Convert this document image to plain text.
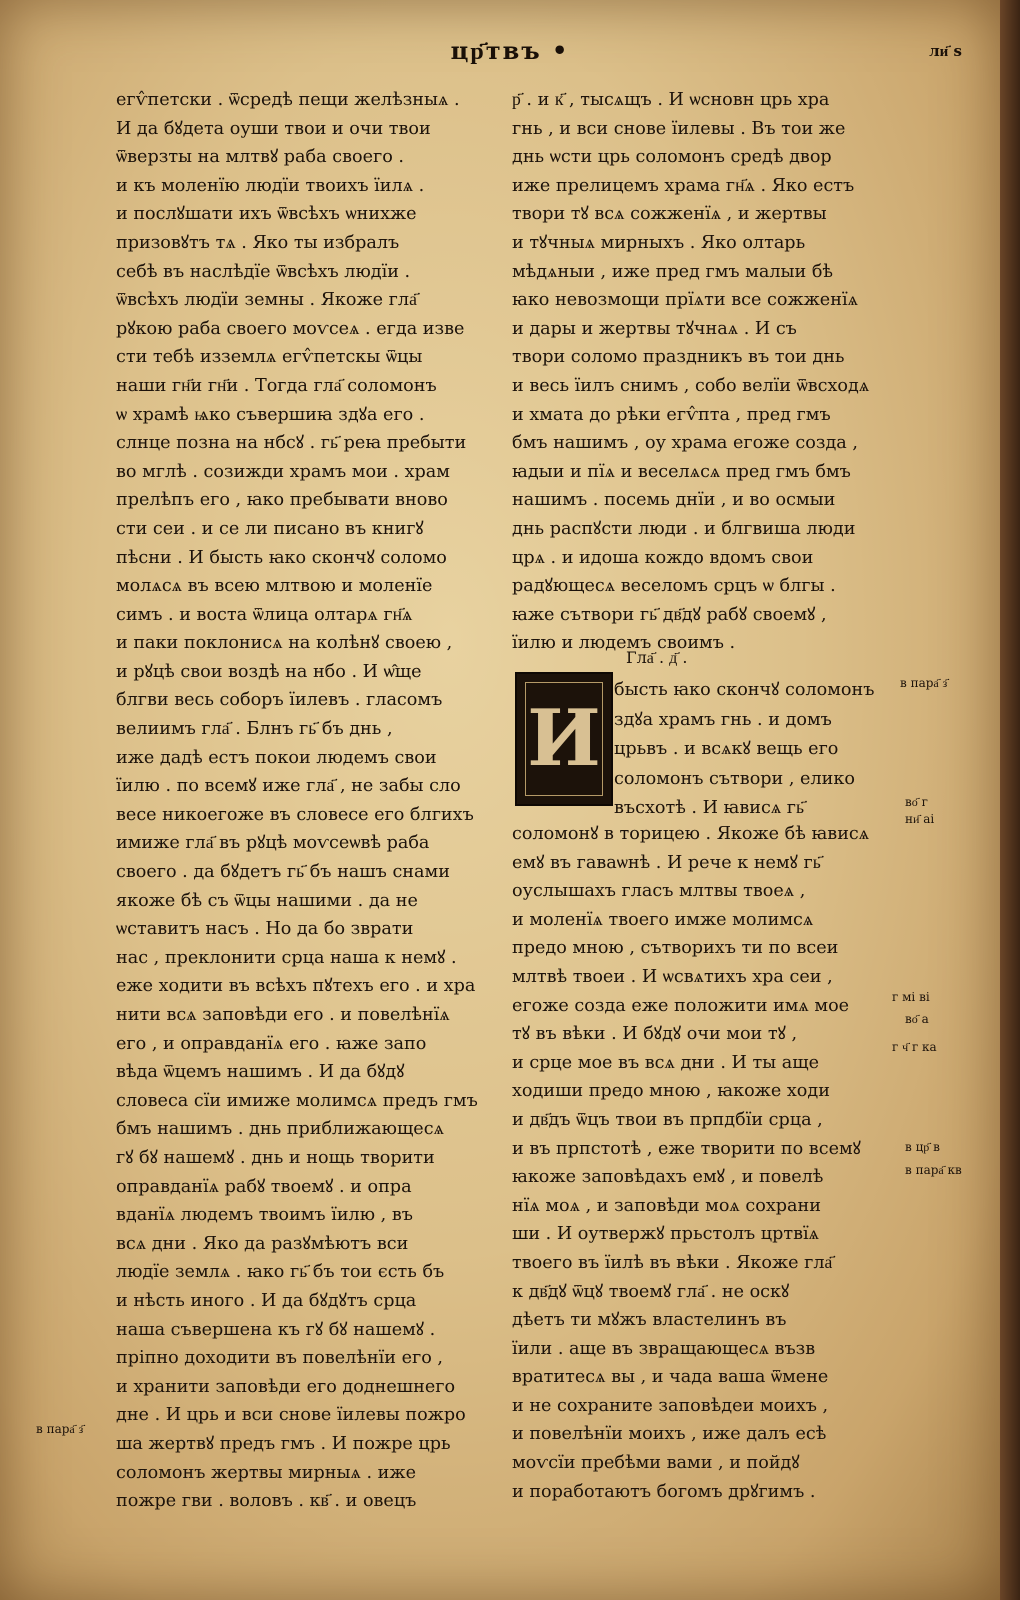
цр҃твъ •	ли҃ ѕ
егѵ̂петски . ѿсредѣ пещи желѣзныѧ .
И да бꙋдета оуши твои и очи твои
ѿверзты на млтвꙋ раба своего .
и къ моленїю людїи твоихъ їилѧ .
и послꙋшати ихъ ѿвсѣхъ ѡнихже
призовꙋтъ тѧ . Яко ты избралъ
себѣ въ наслѣдїе ѿвсѣхъ людїи .
ѿвсѣхъ людїи земны . Якоже гла҃
рꙋкою раба своего моѵсеѧ . егда изве
сти тебѣ изземлѧ егѵ̂петскы ѿцы
наши гн҃и гн҃и . Тогда гла҃ соломонъ
ѡ храмѣ ѩко съвершиꙗ здꙋа его .
слнце позна на нбсꙋ . гь҃ реꙗ пребыти
во мглѣ . созижди храмъ мои . храм
прелѣпъ его , ꙗко пребывати вново
сти сеи . и се ли писано въ книгꙋ
пѣсни . И бысть ꙗко скончꙋ соломо
молѧсѧ въ всею млтвою и моленїе
симъ . и воста ѿлица олтарѧ гн҃ѧ
и паки поклонисѧ на колѣнꙋ своею ,
и рꙋцѣ свои воздѣ на нбо . И ѡ̂ще
блгви весь соборъ їилевъ . гласомъ
велиимъ гла҃ . Блнъ гь҃ бъ днь ,
иже дадѣ естъ покои людемъ свои
їилю . по всемꙋ иже гла҃ , не забы сло
весе никоегоже въ словесе его блгихъ
имиже гла҃ въ рꙋцѣ моѵсеѡвѣ раба
своего . да бꙋдетъ гь҃ бъ нашъ снами
якоже бѣ съ ѿцы нашими . да не
ѡставитъ насъ . Но да бо зврати
нас , преклонити срца наша к немꙋ .
еже ходити въ всѣхъ пꙋтехъ его . и хра
нити всѧ заповѣди его . и повелѣнїѧ
его , и оправданїѧ его . ꙗже запо
вѣда ѿцемъ нашимъ . И да бꙋдꙋ
словеса сїи имиже молимсѧ предъ гмъ
бмъ нашимъ . днь приближающесѧ
гꙋ бꙋ нашемꙋ . днь и нощь творити
оправданїѧ рабꙋ твоемꙋ . и опра
вданїѧ людемъ твоимъ їилю , въ
всѧ дни . Яко да разꙋмѣютъ вси
людїе землѧ . ꙗко гь҃ бъ тои єсть бъ
и нѣсть иного . И да бꙋдꙋтъ срца
наша съвершена къ гꙋ бꙋ нашемꙋ .
пріпно доходити въ повелѣнїи его ,
и хранити заповѣди его доднешнего
дне . И црь и вси снове їилевы пожро
ша жертвꙋ предъ гмъ . И пожре црь
соломонъ жертвы мирныѧ . иже
пожре гви . воловъ . кв҃ . и овецъ
р҃ . и к҃ , тысѧщъ . И ѡсновн црь хра
гнь , и вси снове їилевы . Въ тои же
днь ѡсти црь соломонъ средѣ двор
иже прелицемъ храма гн҃ѧ . Яко естъ
твори тꙋ всѧ сожженїѧ , и жертвы
и тꙋчныѧ мирныхъ . Яко олтарь
мѣдѧныи , иже пред гмъ малыи бѣ
ꙗко невозмощи прїѧти все сожженїѧ
и дары и жертвы тꙋчнаѧ . И съ
твори соломо праздникъ въ тои днь
и весь їилъ снимъ , собо велїи ѿвсходѧ
и хмата до рѣки егѵ̂пта , пред гмъ
бмъ нашимъ , оу храма егоже созда ,
ꙗдыи и пїѧ и веселѧсѧ пред гмъ бмъ
нашимъ . посемь днїи , и во осмыи
днь распꙋсти люди . и блгвиша люди
црѧ . и идоша кождо вдомъ свои
радꙋющесѧ веселомъ срцъ ѡ блгы .
ꙗже сътвори гь҃ дв҃дꙋ рабꙋ своемꙋ ,
їилю и людемъ своимъ .
Гла҃ . д҃ .
И
бысть ꙗко скончꙋ соломонъ
здꙋа храмъ гнь . и домъ
црьвъ . и всѧкꙋ вещь его
соломонъ сътвори , елико
въсхотѣ . И ꙗвисѧ гь҃
соломонꙋ в торицею . Якоже бѣ ꙗвисѧ
емꙋ въ гаваѡнѣ . И рече к немꙋ гь҃
оуслышахъ гласъ млтвы твоеѧ ,
и моленїѧ твоего имже молимсѧ
предо мною , сътворихъ ти по всеи
млтвѣ твоеи . И ѡсвѧтихъ хра сеи ,
егоже созда еже положити имѧ мое
тꙋ въ вѣки . И бꙋдꙋ очи мои тꙋ ,
и срце мое въ всѧ дни . И ты аще
ходиши предо мною , ꙗкоже ходи
и дв҃дъ ѿцъ твои въ прпдбїи срца ,
и въ прпстотѣ , еже творити по всемꙋ
ꙗкоже заповѣдахъ емꙋ , и повелѣ
нїѧ моѧ , и заповѣди моѧ сохрани
ши . И оутвержꙋ прьстолъ цртвїѧ
твоего въ їилѣ въ вѣки . Якоже гла҃
к дв҃дꙋ ѿцꙋ твоемꙋ гла҃ . не оскꙋ
дѣетъ ти мꙋжъ властелинъ въ
їили . аще въ звращающесѧ възв
вратитесѧ вы , и чада ваша ѿмене
и не сохраните заповѣдеи моихъ ,
и повелѣнїи моихъ , иже далъ есѣ
моѵсїи пребѣми вами , и пойдꙋ
и поработаютъ богомъ дрꙋгимъ .
в пара҃ з҃
во҃ г
ни҃ аі
г мі ві
во҃ а
г ч҃ г ка
в цр҃ в
в пара҃ кв
в пара҃ з҃
